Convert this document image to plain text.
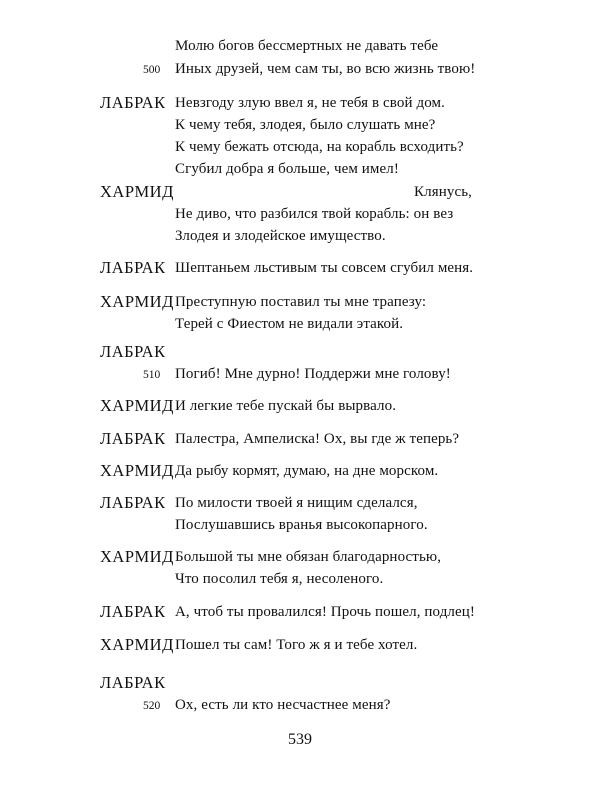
Молю богов бессмертных не давать тебе
500 Иных друзей, чем сам ты, во всю жизнь твою!
ЛАБРАК Невзгоду злую ввел я, не тебя в свой дом.
К чему тебя, злодея, было слушать мне?
К чему бежать отсюда, на корабль всходить?
Сгубил добра я больше, чем имел!
ХАРМИД	Клянусь,
Не диво, что разбился твой корабль: он вез
Злодея и злодейское имущество.
ЛАБРАК Шептаньем льстивым ты совсем сгубил меня.
ХАРМИД Преступную поставил ты мне трапезу:
Терей с Фиестом не видали этакой.
ЛАБРАК
510 Погиб! Мне дурно! Поддержи мне голову!
ХАРМИД И легкие тебе пускай бы вырвало.
ЛАБРАК Палестра, Ампелиска! Ох, вы где ж теперь?
ХАРМИД Да рыбу кормят, думаю, на дне морском.
ЛАБРАК По милости твоей я нищим сделался,
Послушавшись вранья высокопарного.
ХАРМИД Большой ты мне обязан благодарностью,
Что посолил тебя я, несоленого.
ЛАБРАК А, чтоб ты провалился! Прочь пошел, подлец!
ХАРМИД Пошел ты сам! Того ж я и тебе хотел.
ЛАБРАК
520 Ох, есть ли кто несчастнее меня?
539
